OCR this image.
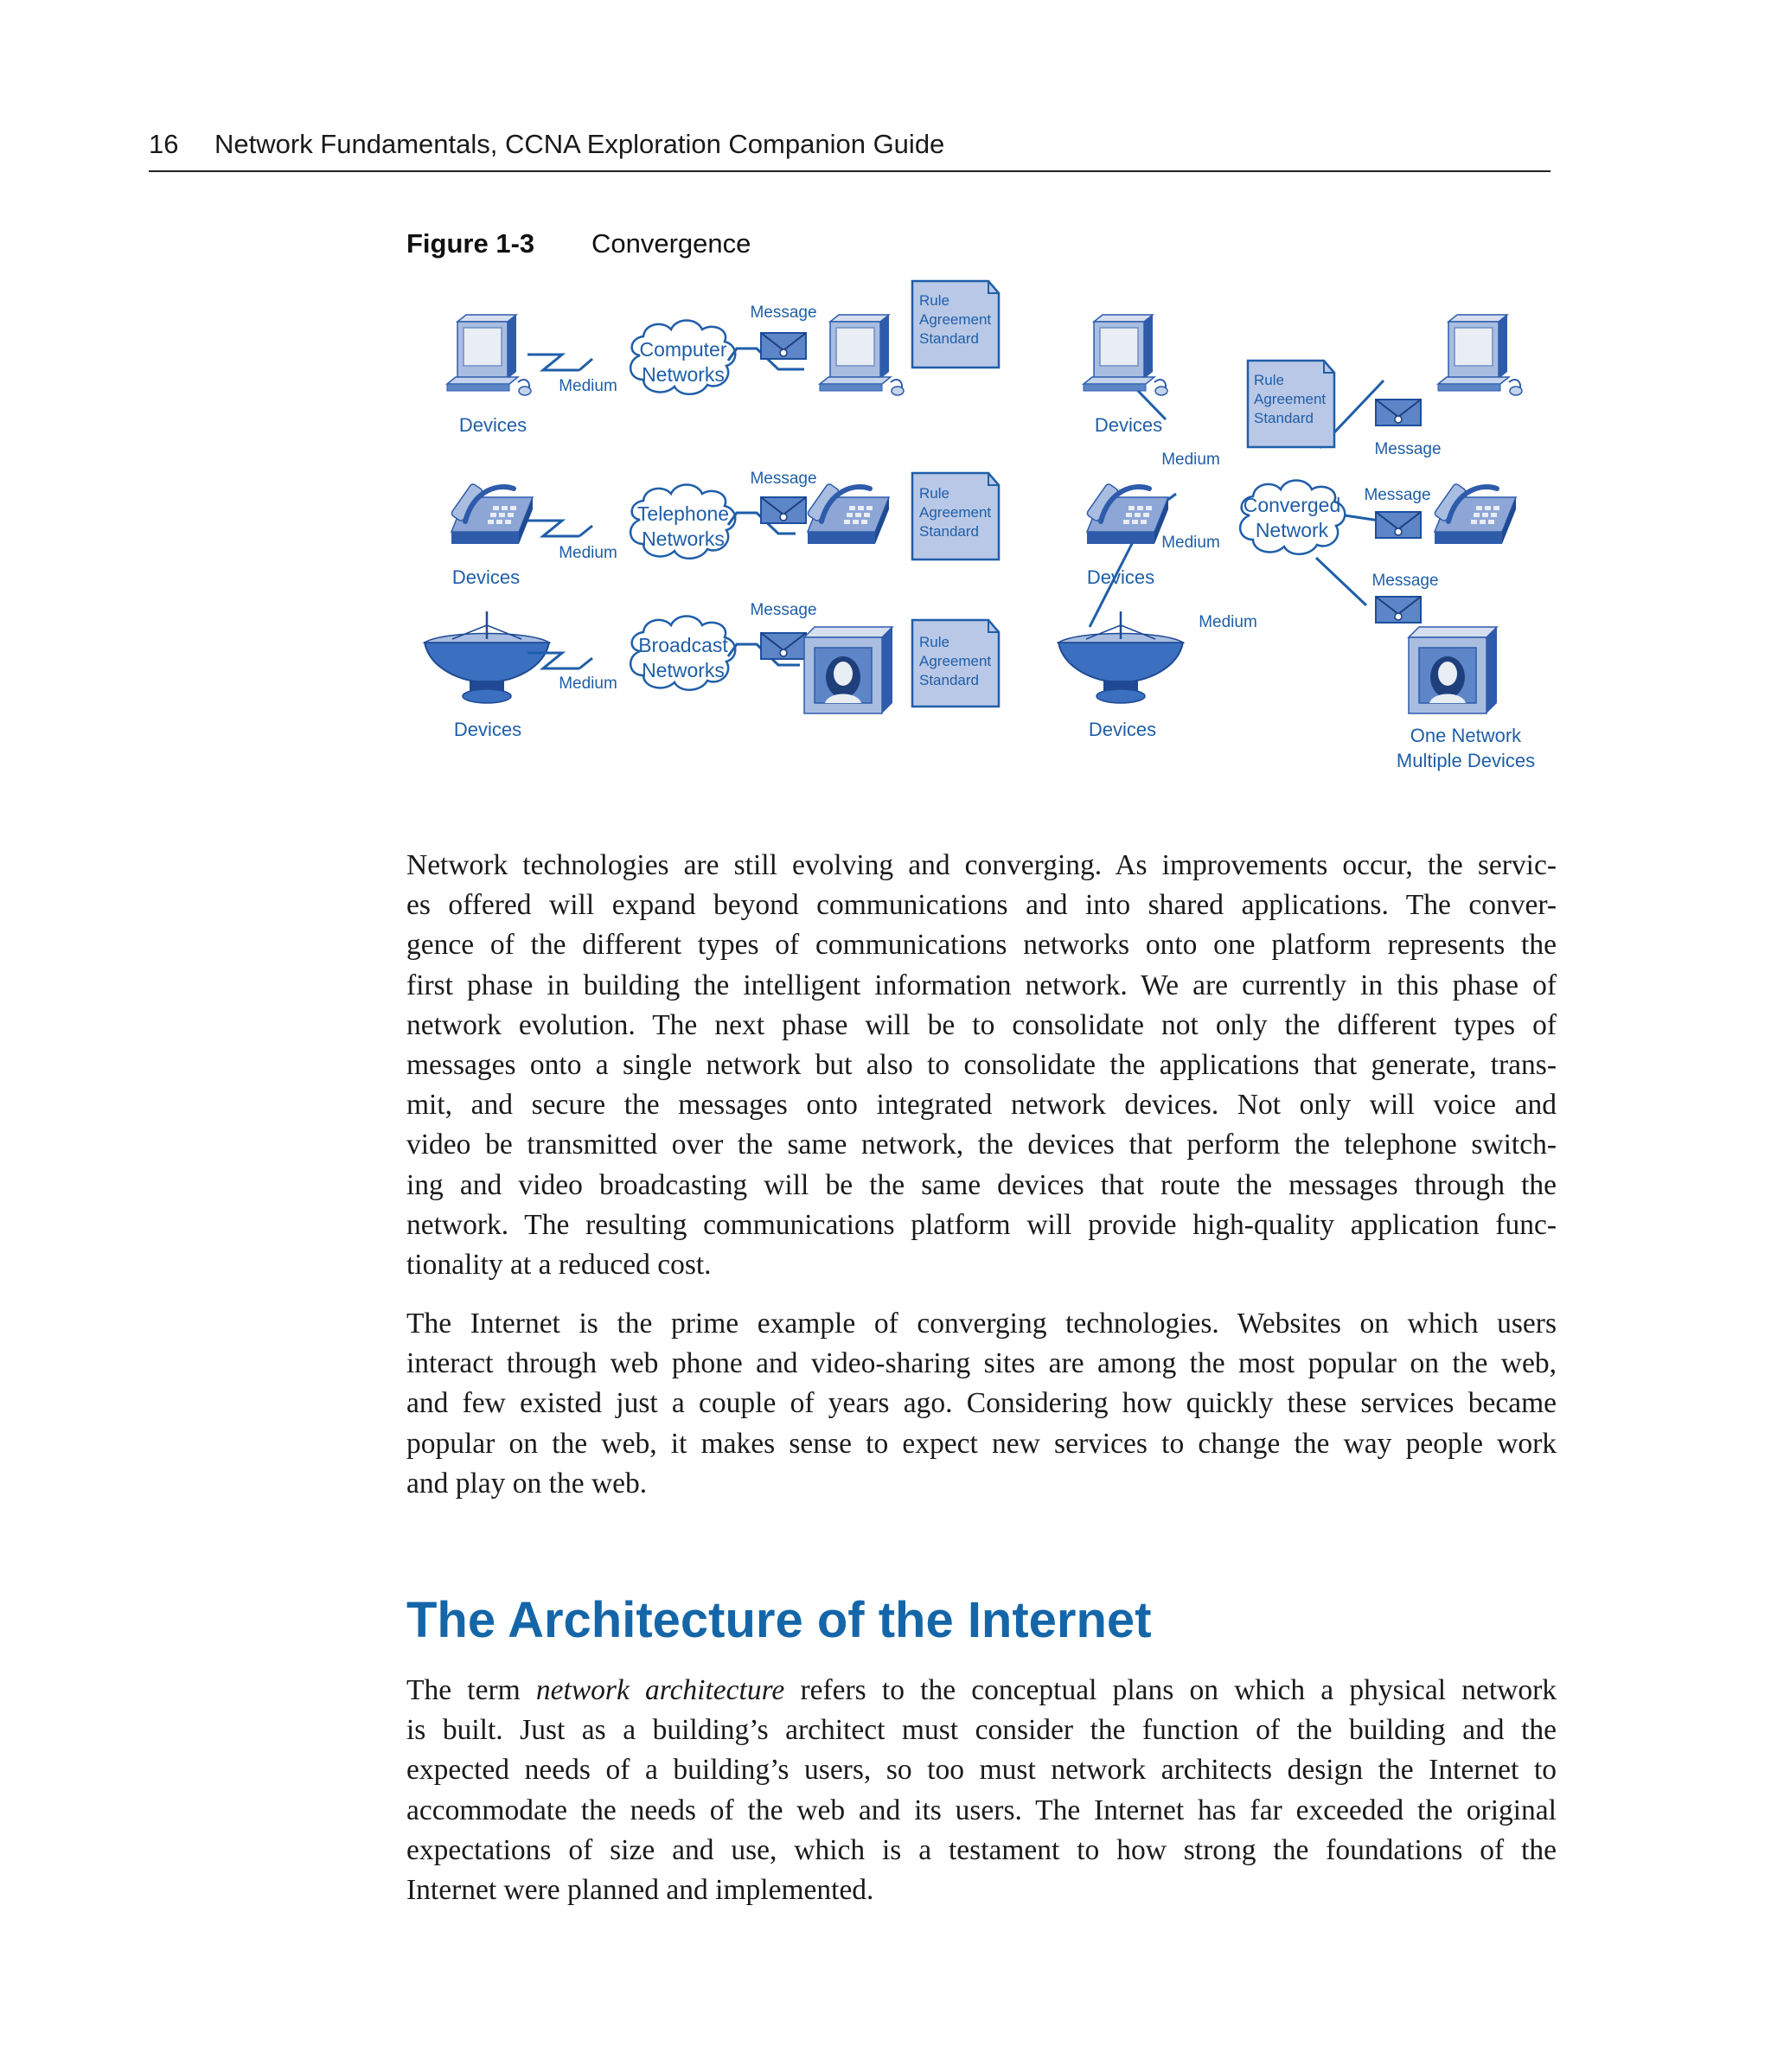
16 Network Fundamentals, CCNA Exploration Companion Guide
Figure 1-3 Convergence
Computer
Networks
Message
Medium
Devices
Rule
Agreement
Standard
Telephone
Networks
Message
Medium
Devices
Rule
Agreement
Standard
Broadcast
Networks
Message
Medium
Devices
Rule
Agreement
Standard
Devices
Devices
Devices
Medium
Medium
Medium
Rule
Agreement
Standard
Converged
Network
Message
Message
Message
One Network
Multiple Devices
Network technologies are still evolving and converging. As improvements occur, the servic-
es offered will expand beyond communications and into shared applications. The conver-
gence of the different types of communications networks onto one platform represents the
first phase in building the intelligent information network. We are currently in this phase of
network evolution. The next phase will be to consolidate not only the different types of
messages onto a single network but also to consolidate the applications that generate, trans-
mit, and secure the messages onto integrated network devices. Not only will voice and
video be transmitted over the same network, the devices that perform the telephone switch-
ing and video broadcasting will be the same devices that route the messages through the
network. The resulting communications platform will provide high-quality application func-
tionality at a reduced cost.
The Internet is the prime example of converging technologies. Websites on which users
interact through web phone and video-sharing sites are among the most popular on the web,
and few existed just a couple of years ago. Considering how quickly these services became
popular on the web, it makes sense to expect new services to change the way people work
and play on the web.
The Architecture of the Internet
The term network architecture refers to the conceptual plans on which a physical network
is built. Just as a building’s architect must consider the function of the building and the
expected needs of a building’s users, so too must network architects design the Internet to
accommodate the needs of the web and its users. The Internet has far exceeded the original
expectations of size and use, which is a testament to how strong the foundations of the
Internet were planned and implemented.
